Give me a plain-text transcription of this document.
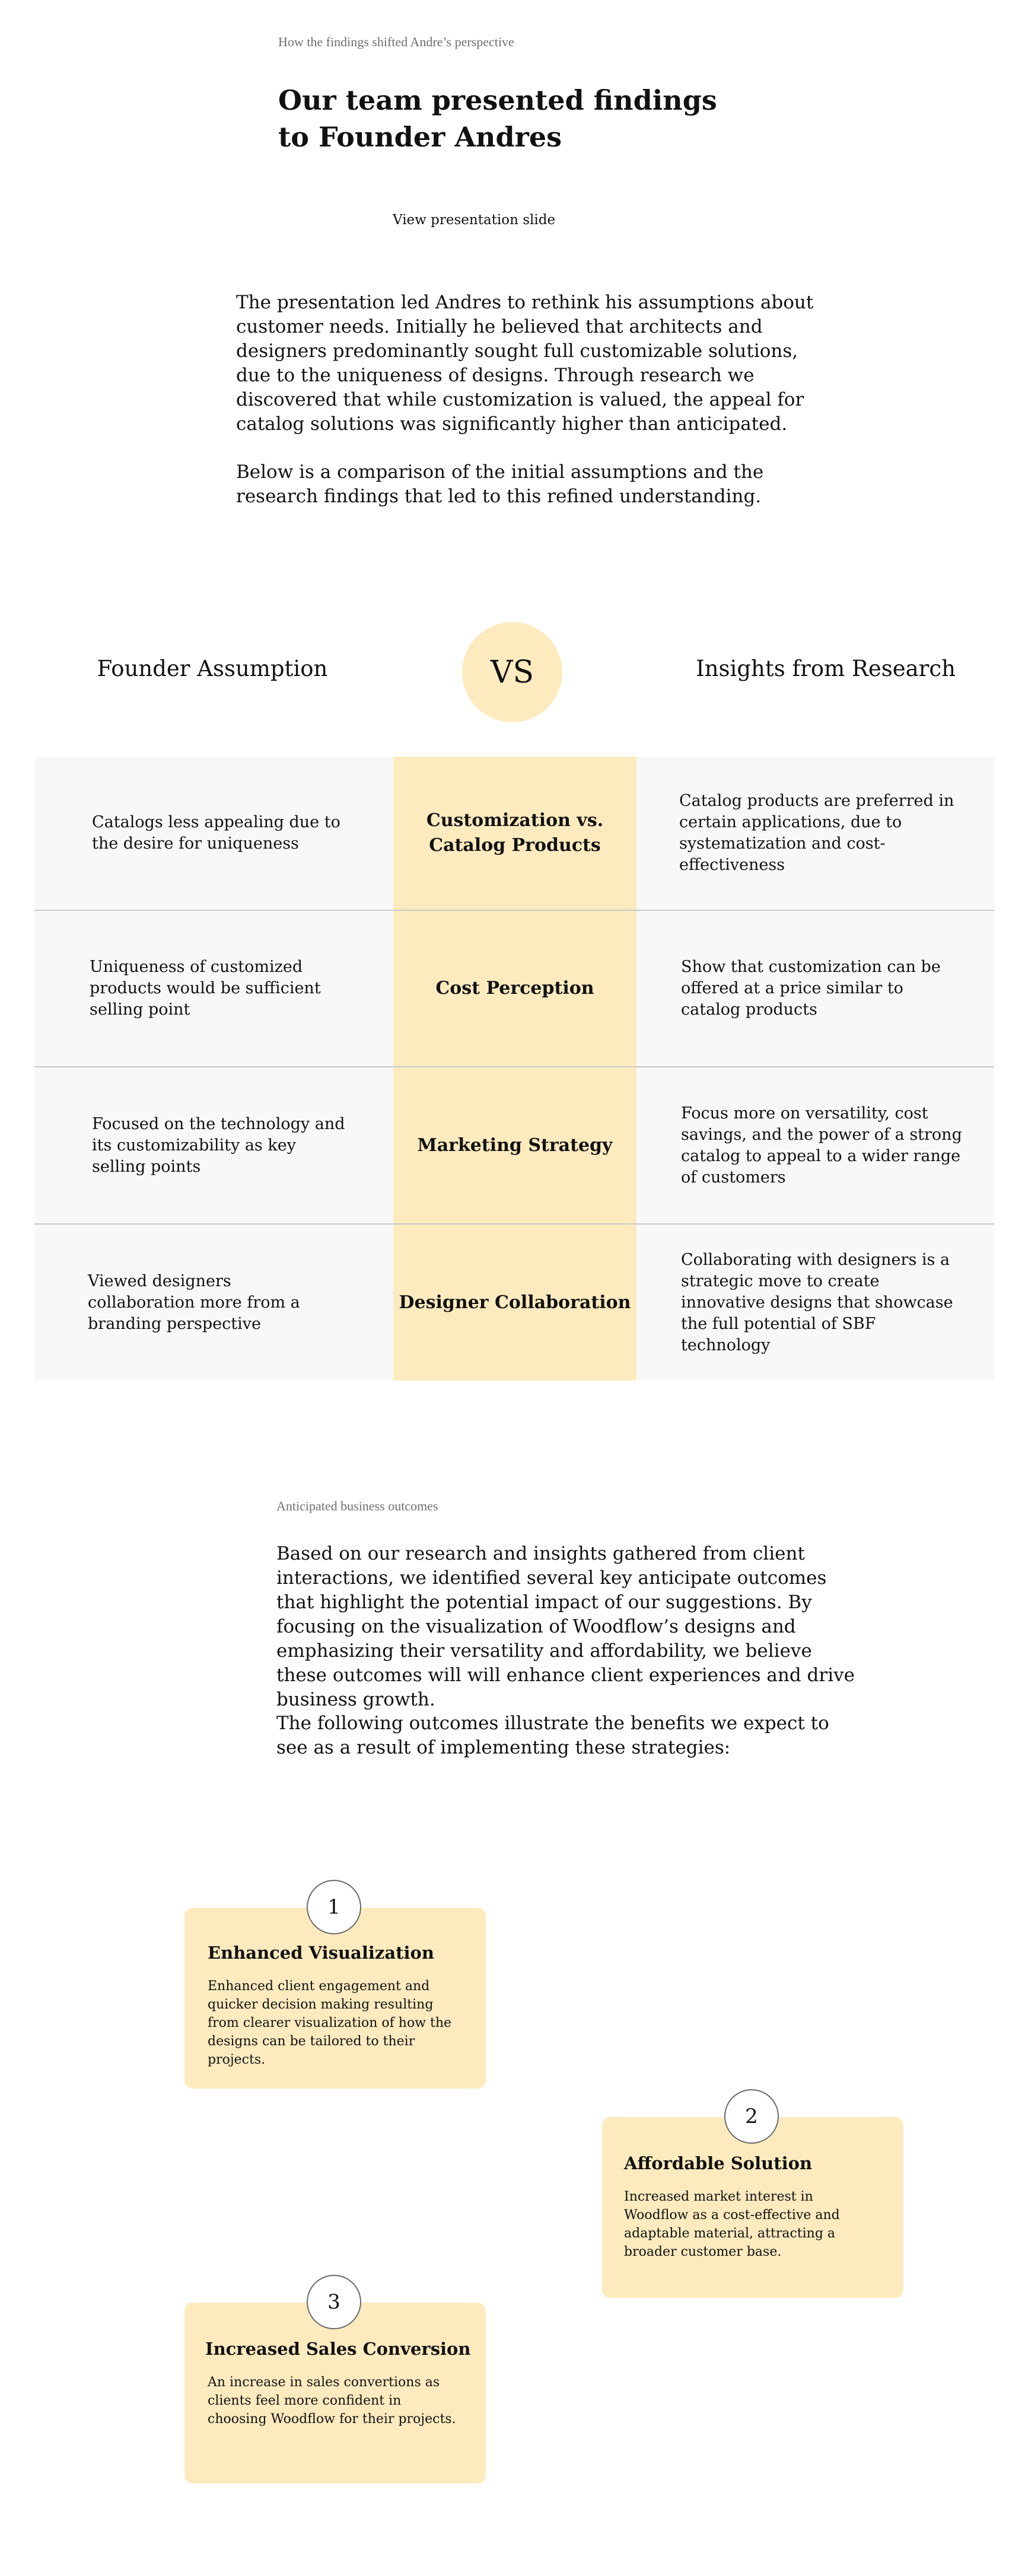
How the findings shifted Andre’s perspective
Our team presented findings to Founder Andres
View presentation slide

The presentation led Andres to rethink his assumptions about customer needs. Initially he believed that architects and designers predominantly sought full customizable solutions, due to the uniqueness of designs. Through research we discovered that while customization is valued, the appeal for catalog solutions was significantly higher than anticipated.

Below is a comparison of the initial assumptions and the research findings that led to this refined understanding.

Founder Assumption	VS	Insights from Research
Catalogs less appealing due to the desire for uniqueness
Customization vs. Catalog Products
Catalog products are preferred in certain applications, due to systematization and cost-effectiveness
Uniqueness of customized products would be sufficient selling point
Cost Perception
Show that customization can be offered at a price similar to catalog products
Focused on the technology and its customizability as key selling points
Marketing Strategy
Focus more on versatility, cost savings, and the power of a strong catalog to appeal to a wider range of customers
Viewed designers collaboration more from a branding perspective
Designer Collaboration
Collaborating with designers is a strategic move to create innovative designs that showcase the full potential of SBF technology
Anticipated business outcomes

Based on our research and insights gathered from client interactions, we identified several key anticipate outcomes that highlight the potential impact of our suggestions. By focusing on the visualization of Woodflow’s designs and emphasizing their versatility and affordability, we believe these outcomes will will enhance client experiences and drive business growth.

The following outcomes illustrate the benefits we expect to see as a result of implementing these strategies:

1
Enhanced Visualization

Enhanced client engagement and quicker decision making resulting from clearer visualization of how the designs can be tailored to their projects.

2
Affordable Solution

Increased market interest in Woodflow as a cost-effective and adaptable material, attracting a broader customer base.

3
Increased Sales Conversion

An increase in sales convertions as clients feel more confident in choosing Woodflow for their projects.
